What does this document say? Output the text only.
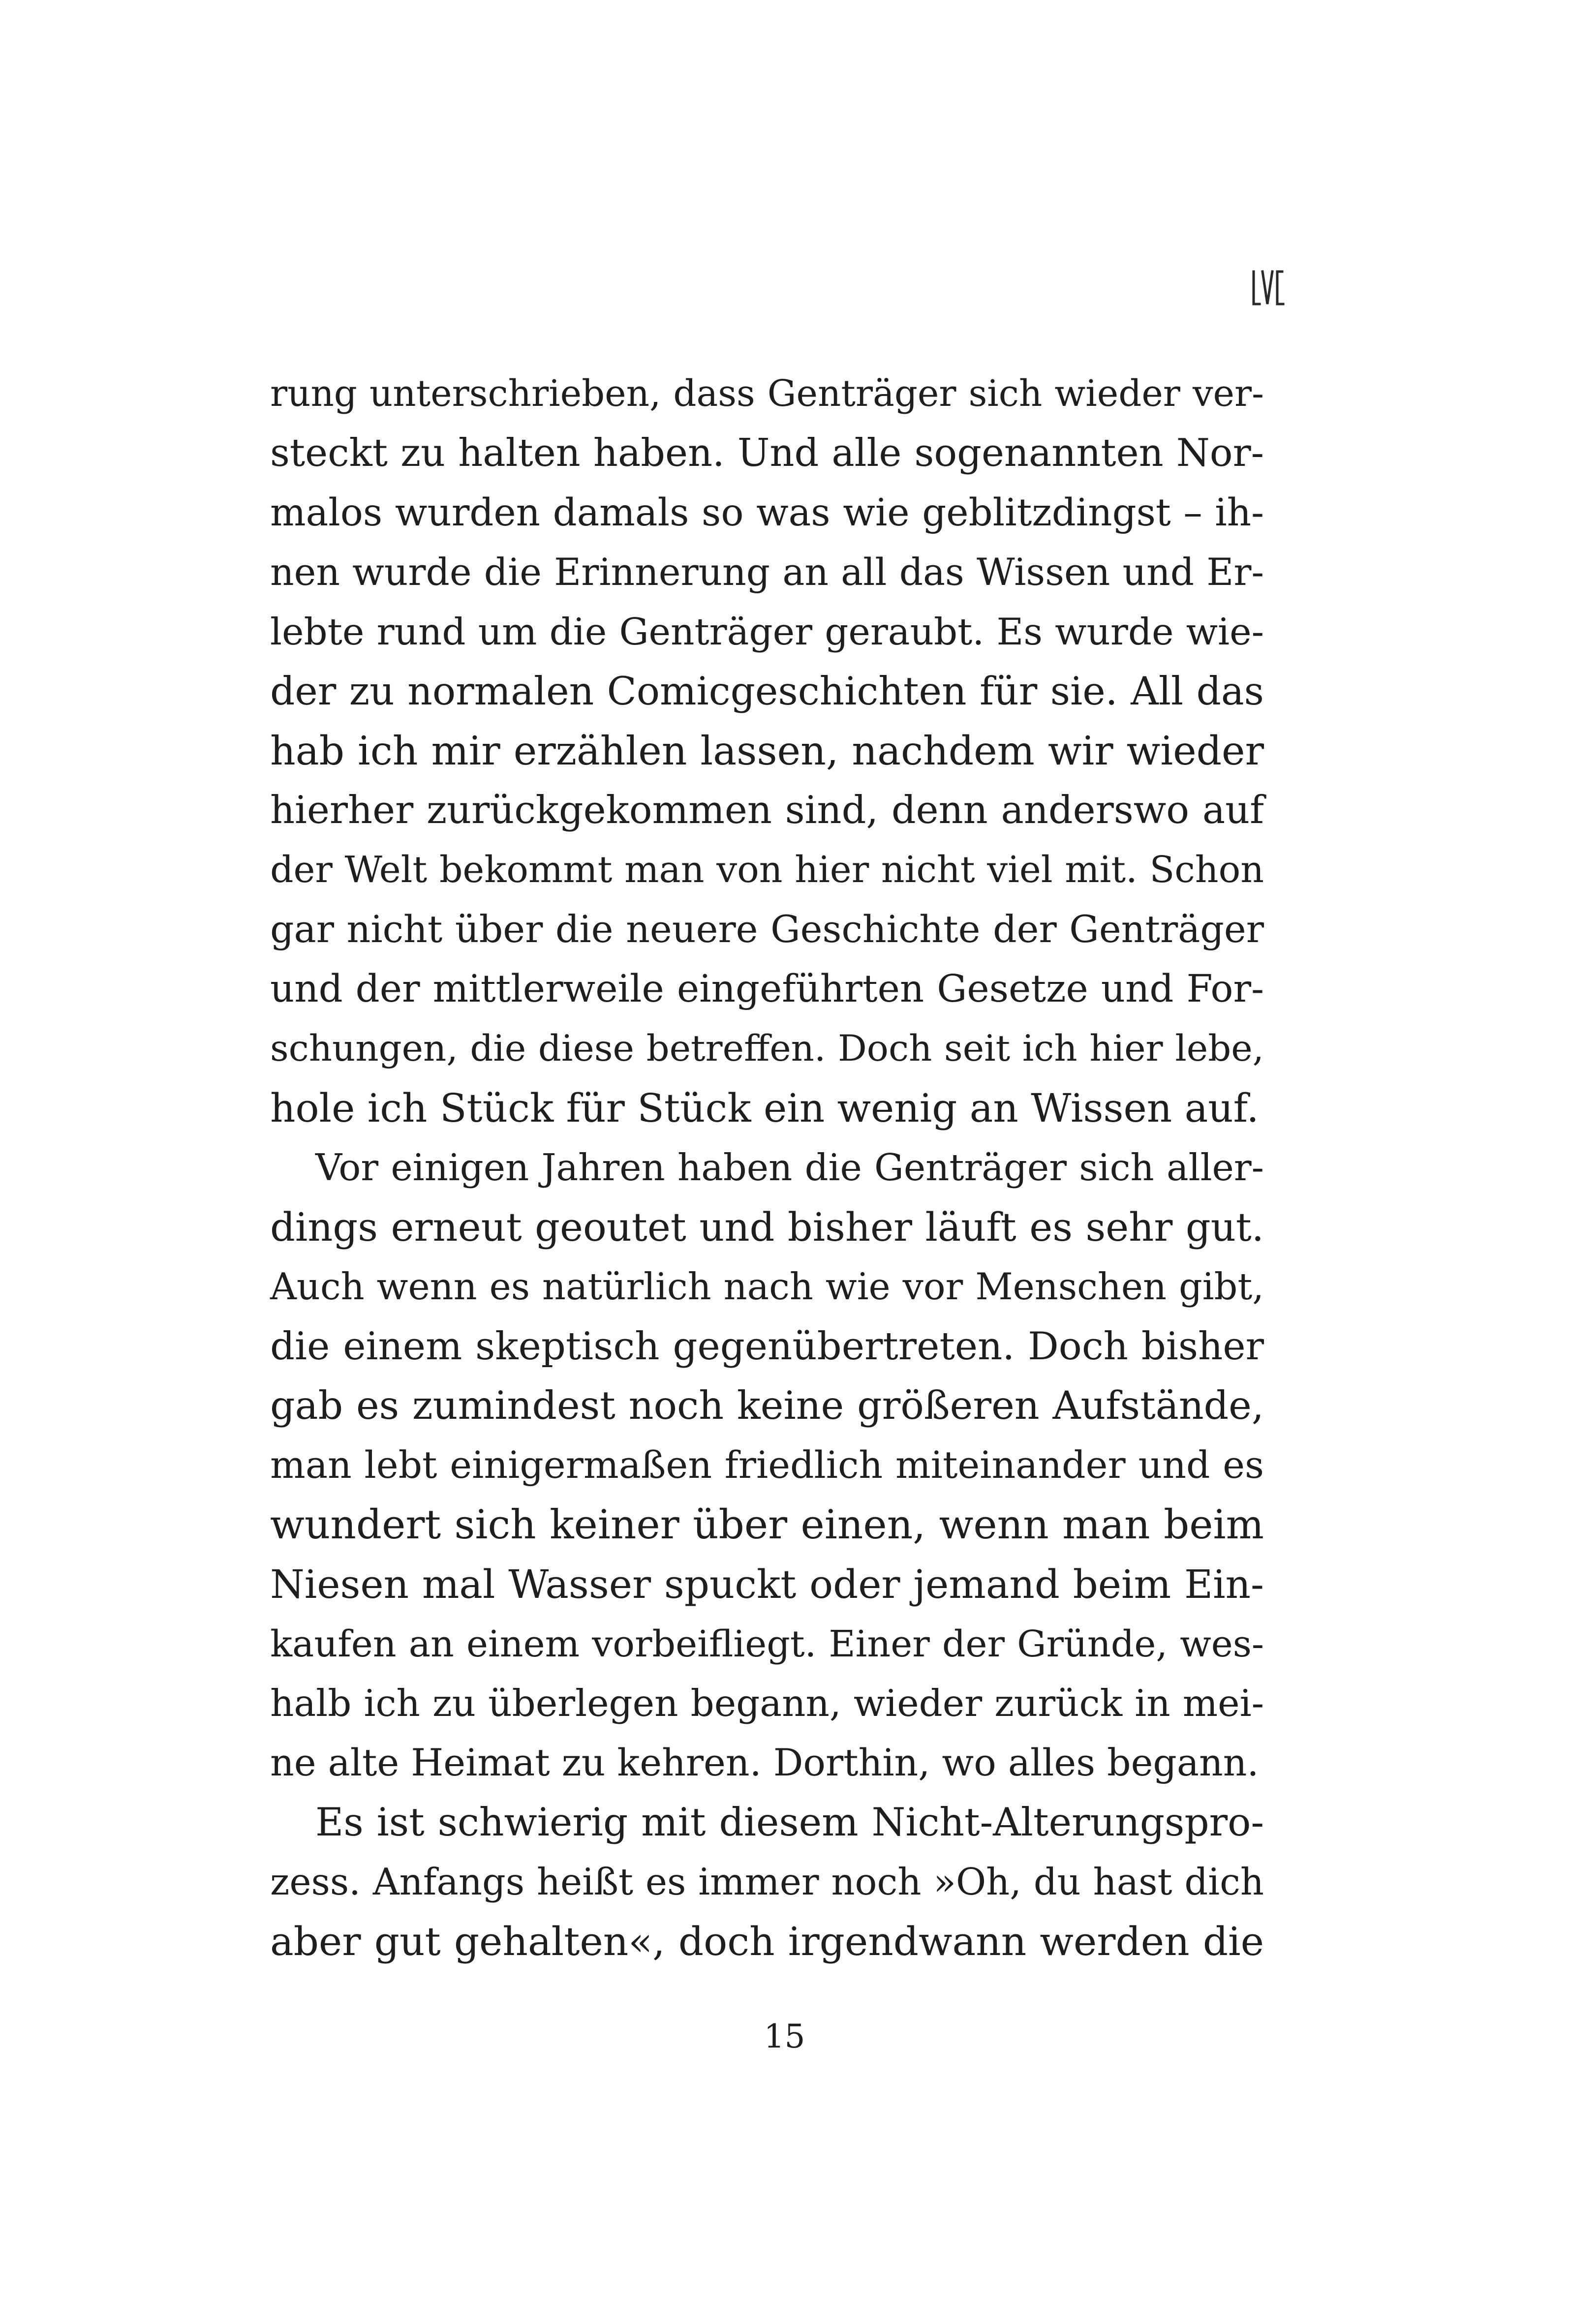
rung unterschrieben, dass Genträger sich wieder ver-
steckt zu halten haben. Und alle sogenannten Nor-
malos wurden damals so was wie geblitzdingst – ih-
nen wurde die Erinnerung an all das Wissen und Er-
lebte rund um die Genträger geraubt. Es wurde wie-
der zu normalen Comicgeschichten für sie. All das
hab ich mir erzählen lassen, nachdem wir wieder
hierher zurückgekommen sind, denn anderswo auf
der Welt bekommt man von hier nicht viel mit. Schon
gar nicht über die neuere Geschichte der Genträger
und der mittlerweile eingeführten Gesetze und For-
schungen, die diese betreffen. Doch seit ich hier lebe,
hole ich Stück für Stück ein wenig an Wissen auf.
Vor einigen Jahren haben die Genträger sich aller-
dings erneut geoutet und bisher läuft es sehr gut.
Auch wenn es natürlich nach wie vor Menschen gibt,
die einem skeptisch gegenübertreten. Doch bisher
gab es zumindest noch keine größeren Aufstände,
man lebt einigermaßen friedlich miteinander und es
wundert sich keiner über einen, wenn man beim
Niesen mal Wasser spuckt oder jemand beim Ein-
kaufen an einem vorbeifliegt. Einer der Gründe, wes-
halb ich zu überlegen begann, wieder zurück in mei-
ne alte Heimat zu kehren. Dorthin, wo alles begann.
Es ist schwierig mit diesem Nicht-Alterungspro-
zess. Anfangs heißt es immer noch »Oh, du hast dich
aber gut gehalten«, doch irgendwann werden die
15
